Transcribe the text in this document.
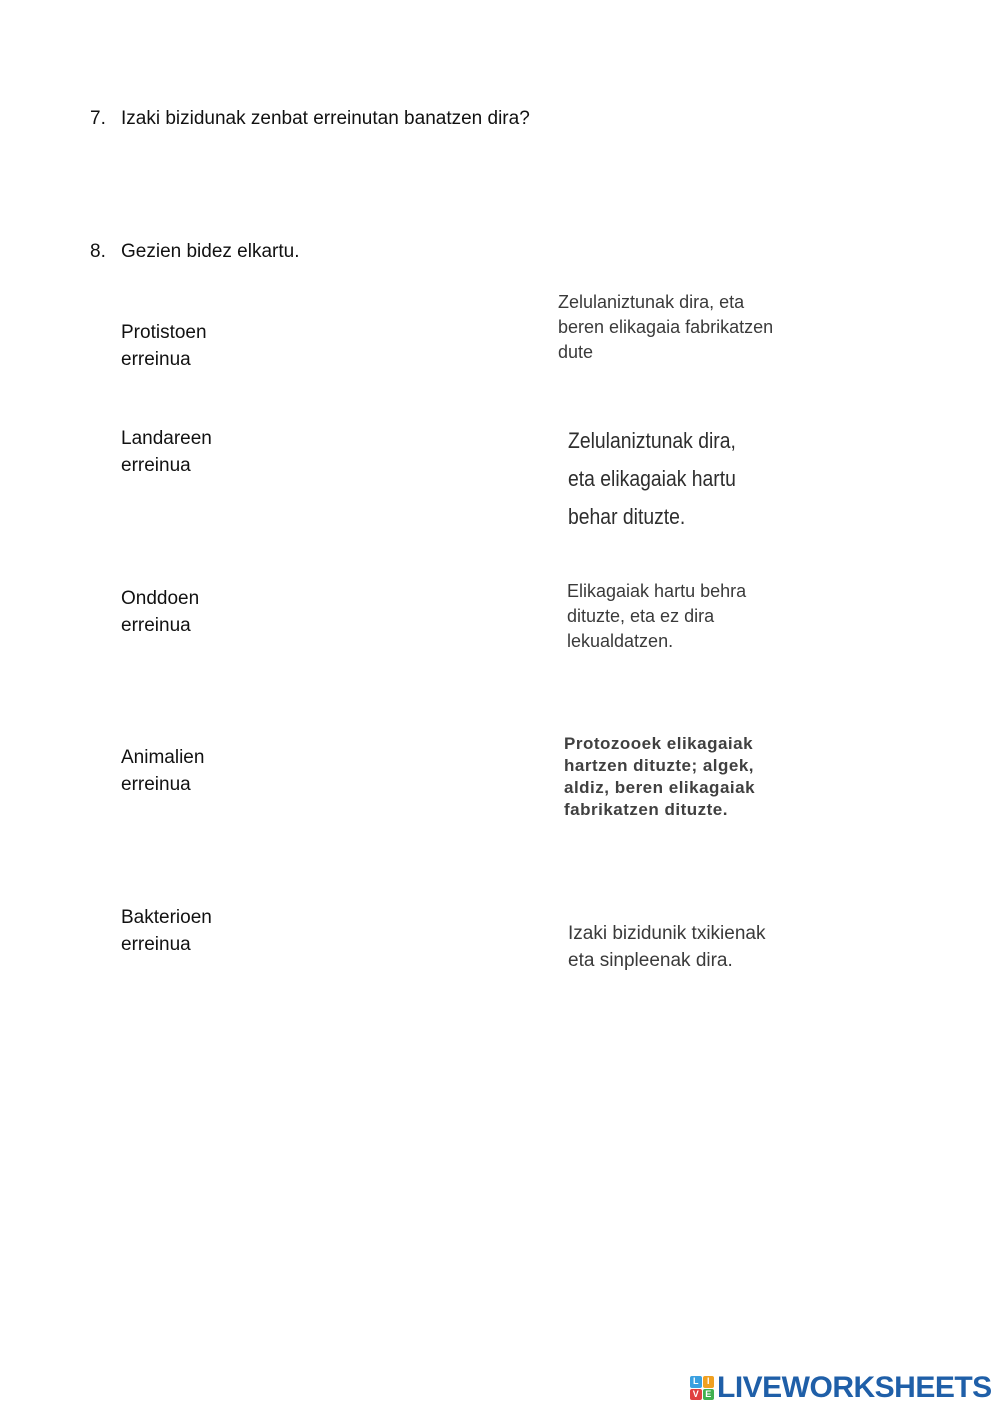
7. Izaki bizidunak zenbat erreinutan banatzen dira?
8. Gezien bidez elkartu.
Protistoen
erreinua
Landareen
erreinua
Onddoen
erreinua
Animalien
erreinua
Bakterioen
erreinua
Zelulaniztunak dira, eta
beren elikagaia fabrikatzen
dute
Zelulaniztunak dira,
eta elikagaiak hartu
behar dituzte.
Elikagaiak hartu behra
dituzte, eta ez dira
lekualdatzen.
Protozooek elikagaiak
hartzen dituzte; algek,
aldiz, beren elikagaiak
fabrikatzen dituzte.
Izaki bizidunik txikienak
eta sinpleenak dira.
L I
V E LIVEWORKSHEETS
